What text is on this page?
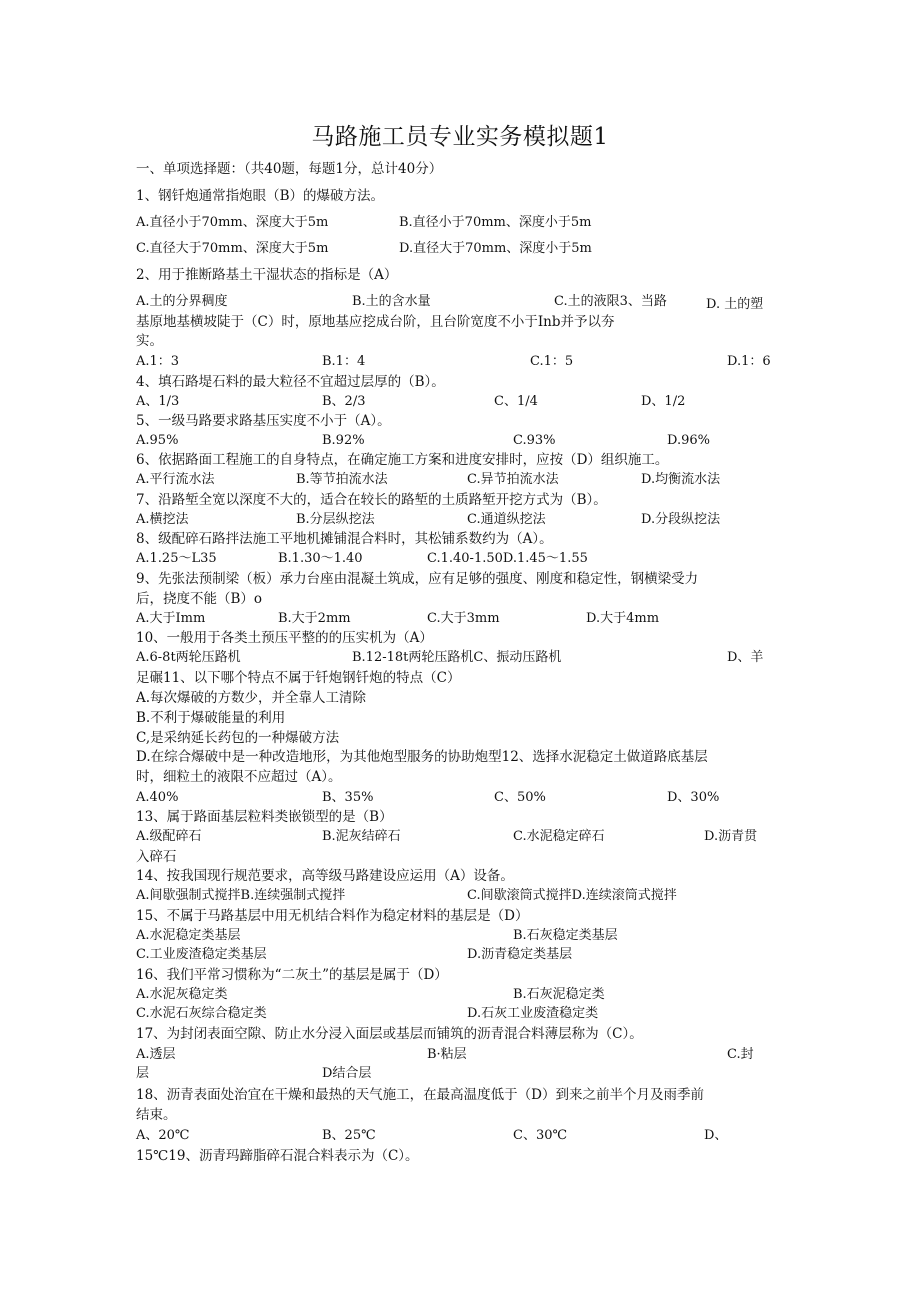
马路施工员专业实务模拟题1
一、单项选择题：（共40题，每题1分，总计40分）
1、钢钎炮通常指炮眼（B）的爆破方法。
A.直径小于70mm、深度大于5m	B.直径小于70mm、深度小于5m
C.直径大于70mm、深度大于5m	D.直径大于70mm、深度小于5m
2、用于推断路基土干湿状态的指标是（A）
A.土的分界稠度	B.土的含水量	C.土的液限3、当路	D. 土的塑
基原地基横坡陡于（C）时，原地基应挖成台阶，且台阶宽度不小于Inb并予以夯
实。
A.1：3	B.1：4	C.1：5	D.1：6
4、填石路堤石料的最大粒径不宜超过层厚的（B）。
A、1/3	B、2/3	C、1/4	D、1/2
5、一级马路要求路基压实度不小于（A）。
A.95%	B.92%	C.93%	D.96%
6、依据路面工程施工的自身特点，在确定施工方案和进度安排时，应按（D）组织施工。
A.平行流水法	B.等节拍流水法	C.异节拍流水法	D.均衡流水法
7、沿路堑全宽以深度不大的，适合在较长的路堑的土质路堑开挖方式为（B）。
A.横挖法	B.分层纵挖法	C.通道纵挖法	D.分段纵挖法
8、级配碎石路拌法施工平地机摊铺混合料时，其松铺系数约为（A）。
A.1.25～L35	B.1.30～1.40	C.1.40-1.50D.1.45～1.55
9、先张法预制梁（板）承力台座由混凝土筑成，应有足够的强度、刚度和稳定性，钢横梁受力
后，挠度不能（B）o
A.大于Imm	B.大于2mm	C.大于3mm	D.大于4mm
10、一般用于各类土预压平整的的压实机为（A）
A.6-8t两轮压路机	B.12-18t两轮压路机C、振动压路机	D、羊
足碾11、以下哪个特点不属于钎炮钢钎炮的特点（C）
A.每次爆破的方数少，并全靠人工清除
B.不利于爆破能量的利用
C,是采纳延长药包的一种爆破方法
D.在综合爆破中是一种改造地形，为其他炮型服务的协助炮型12、选择水泥稳定土做道路底基层
时，细粒土的液限不应超过（A）。
A.40%	B、35%	C、50%	D、30%
13、属于路面基层粒料类嵌锁型的是（B）
A.级配碎石	B.泥灰结碎石	C.水泥稳定碎石	D.沥青贯
入碎石
14、按我国现行规范要求，高等级马路建设应运用（A）设备。
A.间歇强制式搅拌B.连续强制式搅拌	C.间歇滚筒式搅拌D.连续滚筒式搅拌
15、不属于马路基层中用无机结合料作为稳定材料的基层是（D）
A.水泥稳定类基层	B.石灰稳定类基层
C.工业废渣稳定类基层	D.沥青稳定类基层
16、我们平常习惯称为“二灰土”的基层是属于（D）
A.水泥灰稳定类	B.石灰泥稳定类
C.水泥石灰综合稳定类	D.石灰工业废渣稳定类
17、为封闭表面空隙、防止水分浸入面层或基层而铺筑的沥青混合料薄层称为（C）。
A.透层	B·粘层	C.封
层	D结合层
18、沥青表面处治宜在干燥和最热的天气施工，在最高温度低于（D）到来之前半个月及雨季前
结束。
A、20℃	B、25℃	C、30℃	D、
15℃19、沥青玛蹄脂碎石混合料表示为（C）。
